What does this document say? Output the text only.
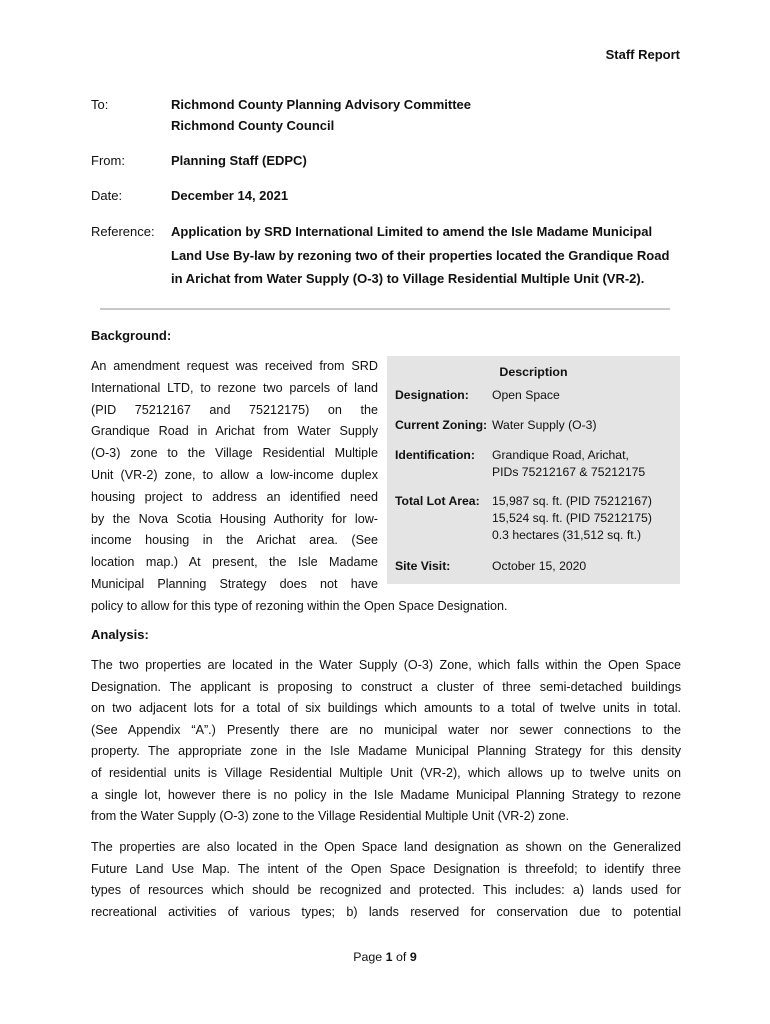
Staff Report
To:	Richmond County Planning Advisory Committee
Richmond County Council
From:	Planning Staff (EDPC)
Date:	December 14, 2021
Reference:	Application by SRD International Limited to amend the Isle Madame Municipal
Land Use By-law by rezoning two of their properties located the Grandique Road
in Arichat from Water Supply (O-3) to Village Residential Multiple Unit (VR-2).
Background:
An amendment request was received from SRD
International LTD, to rezone two parcels of land
(PID 75212167 and 75212175) on the
Grandique Road in Arichat from Water Supply
(O-3) zone to the Village Residential Multiple
Unit (VR-2) zone, to allow a low-income duplex
housing project to address an identified need
by the Nova Scotia Housing Authority for low-
income housing in the Arichat area. (See
location map.) At present, the Isle Madame
Municipal Planning Strategy does not have
policy to allow for this type of rezoning within the Open Space Designation.
Description
Designation:	Open Space
Current Zoning: Water Supply (O-3)
Identification:	Grandique Road, Arichat,
PIDs 75212167 & 75212175
Total Lot Area:	15,987 sq. ft. (PID 75212167)
15,524 sq. ft. (PID 75212175)
0.3 hectares (31,512 sq. ft.)
Site Visit:	October 15, 2020
Analysis:
The two properties are located in the Water Supply (O-3) Zone, which falls within the Open Space
Designation. The applicant is proposing to construct a cluster of three semi-detached buildings
on two adjacent lots for a total of six buildings which amounts to a total of twelve units in total.
(See Appendix “A”.) Presently there are no municipal water nor sewer connections to the
property. The appropriate zone in the Isle Madame Municipal Planning Strategy for this density
of residential units is Village Residential Multiple Unit (VR-2), which allows up to twelve units on
a single lot, however there is no policy in the Isle Madame Municipal Planning Strategy to rezone
from the Water Supply (O-3) zone to the Village Residential Multiple Unit (VR-2) zone.
The properties are also located in the Open Space land designation as shown on the Generalized
Future Land Use Map. The intent of the Open Space Designation is threefold; to identify three
types of resources which should be recognized and protected. This includes: a) lands used for
recreational activities of various types; b) lands reserved for conservation due to potential
Page 1 of 9
